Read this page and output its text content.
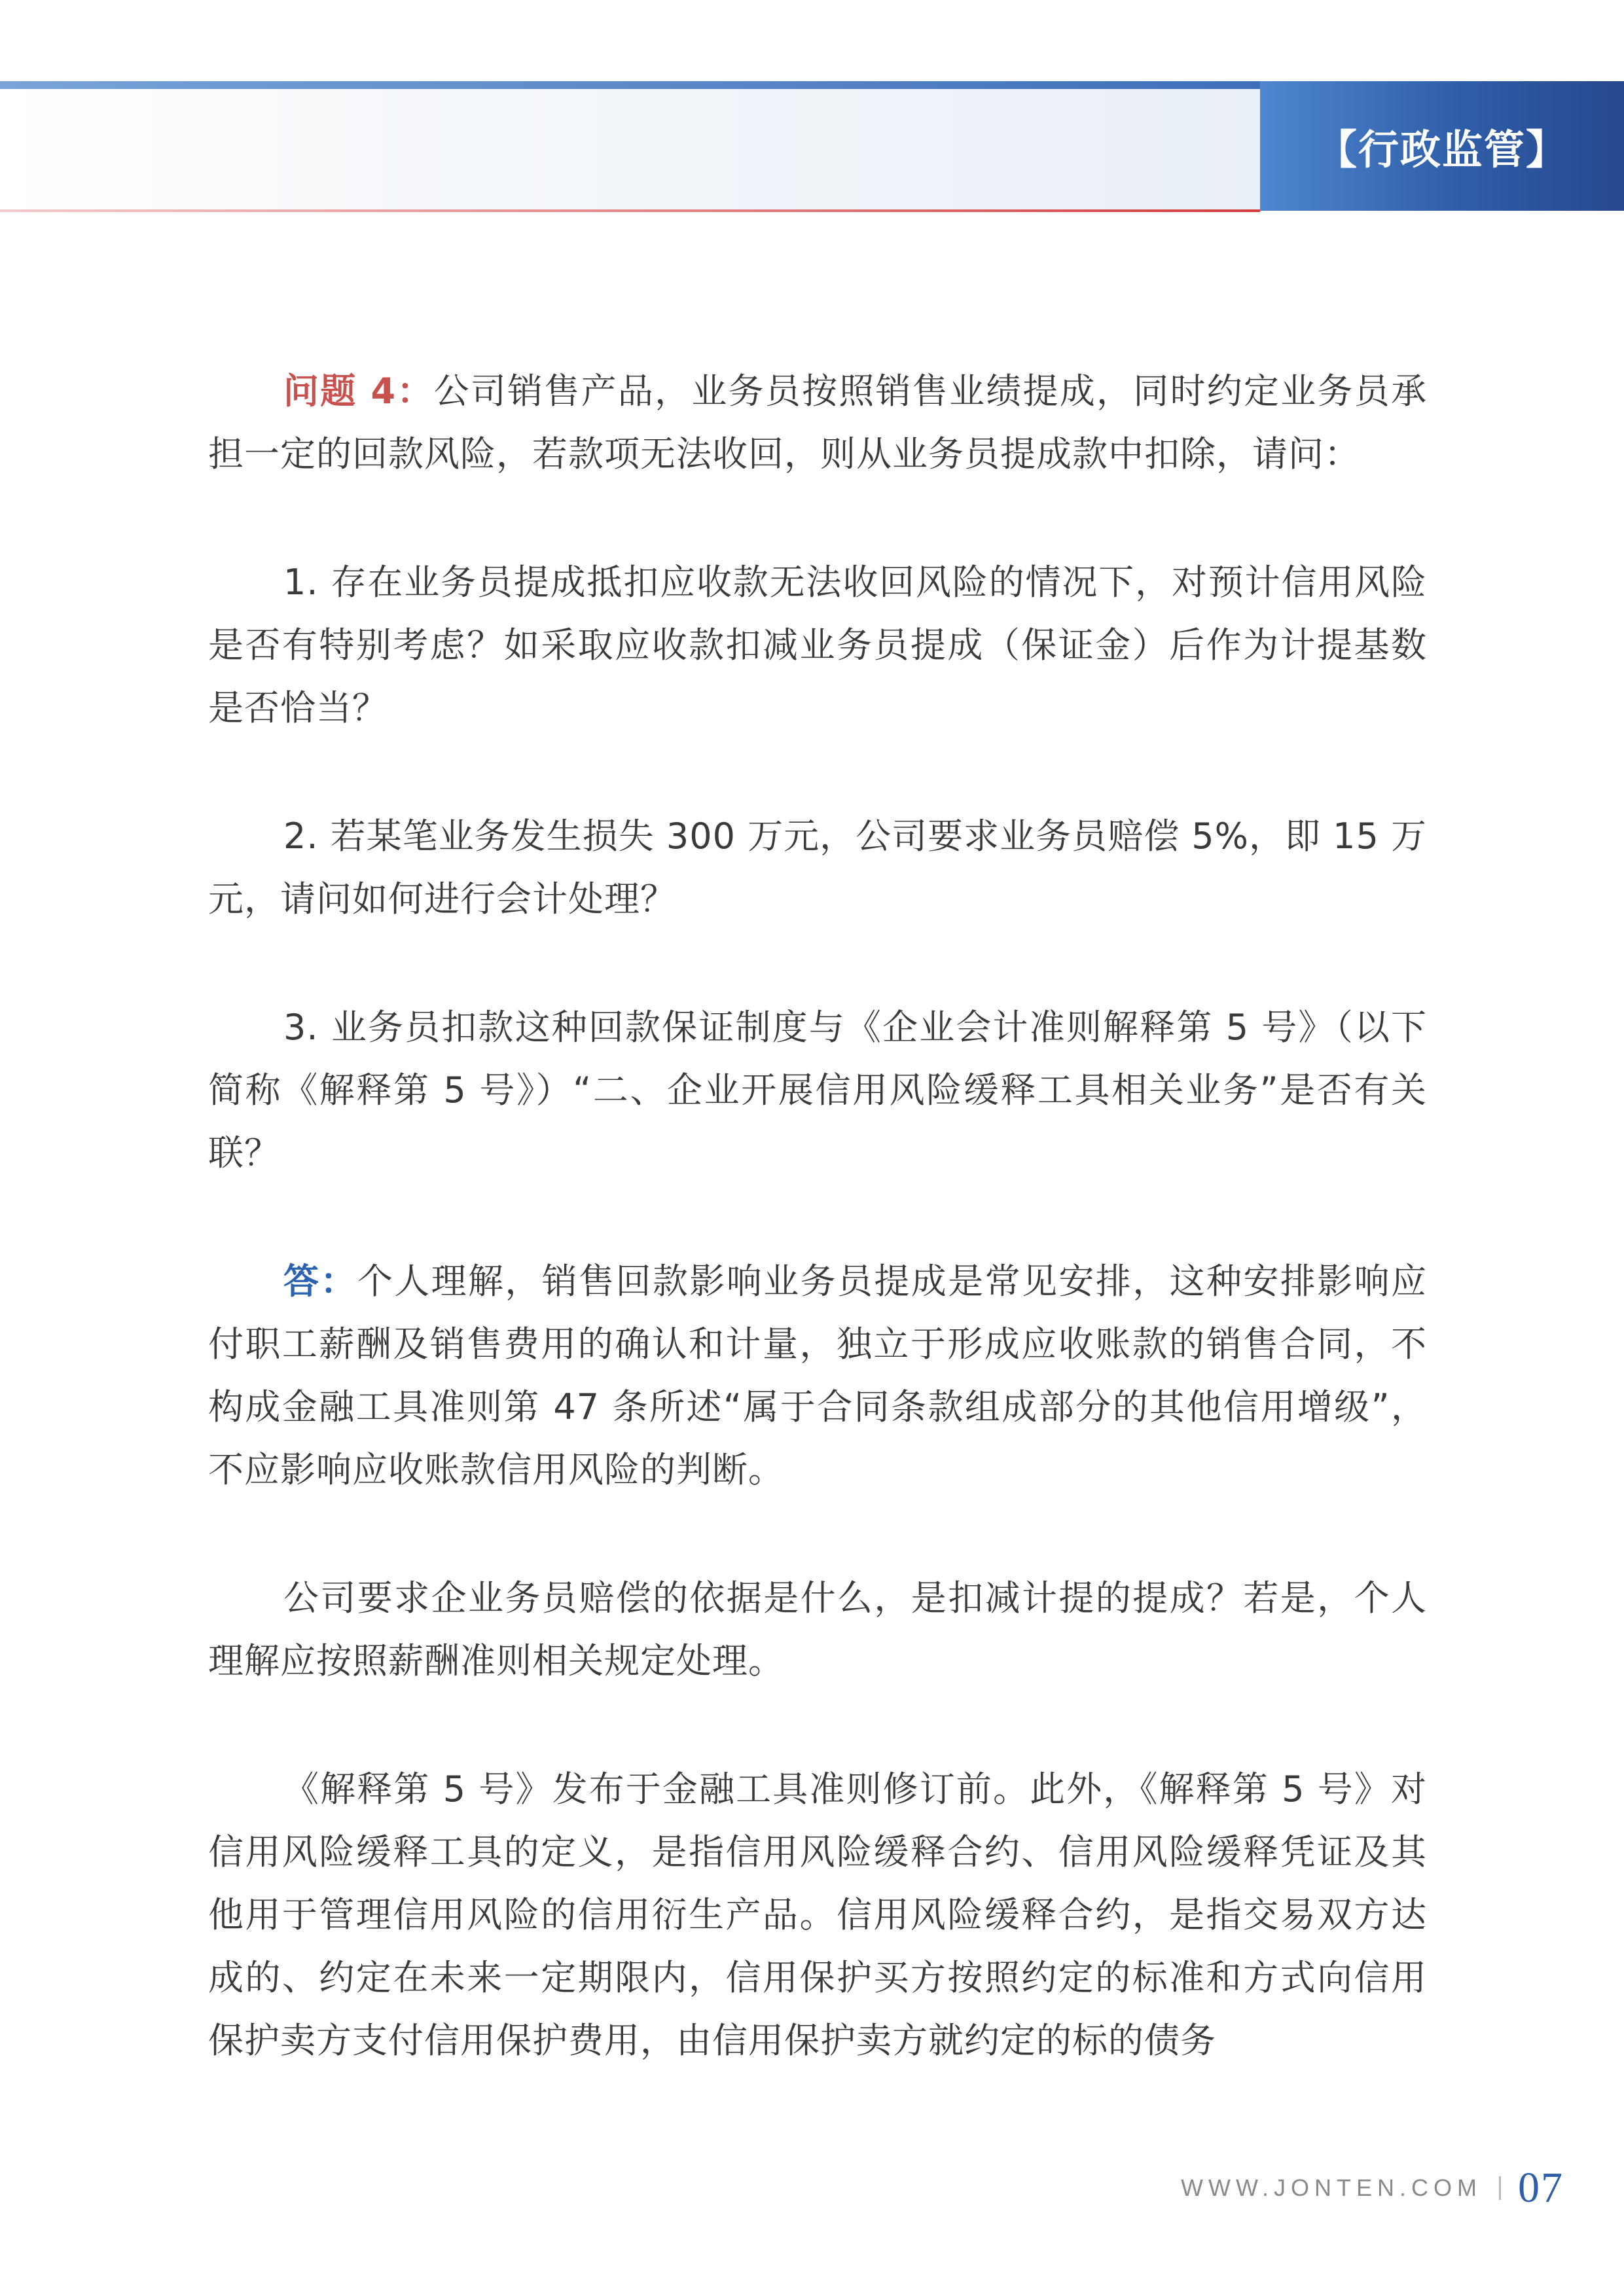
【行政监管】

问题 4：公司销售产品，业务员按照销售业绩提成，同时约定业务员承担一定的回款风险，若款项无法收回，则从业务员提成款中扣除，请问：

1. 存在业务员提成抵扣应收款无法收回风险的情况下，对预计信用风险是否有特别考虑？如采取应收款扣减业务员提成（保证金）后作为计提基数是否恰当？

2. 若某笔业务发生损失 300 万元，公司要求业务员赔偿 5%，即 15 万元，请问如何进行会计处理？

3. 业务员扣款这种回款保证制度与《企业会计准则解释第 5 号》（以下简称《解释第 5 号》）“二、企业开展信用风险缓释工具相关业务”是否有关联？

答：个人理解，销售回款影响业务员提成是常见安排，这种安排影响应付职工薪酬及销售费用的确认和计量，独立于形成应收账款的销售合同，不构成金融工具准则第 47 条所述“属于合同条款组成部分的其他信用增级”，不应影响应收账款信用风险的判断。

公司要求企业务员赔偿的依据是什么，是扣减计提的提成？若是，个人理解应按照薪酬准则相关规定处理。

《解释第 5 号》发布于金融工具准则修订前。此外，《解释第 5 号》对信用风险缓释工具的定义，是指信用风险缓释合约、信用风险缓释凭证及其他用于管理信用风险的信用衍生产品。信用风险缓释合约，是指交易双方达成的、约定在未来一定期限内，信用保护买方按照约定的标准和方式向信用保护卖方支付信用保护费用，由信用保护卖方就约定的标的债务

WWW.JONTEN.COM 07
